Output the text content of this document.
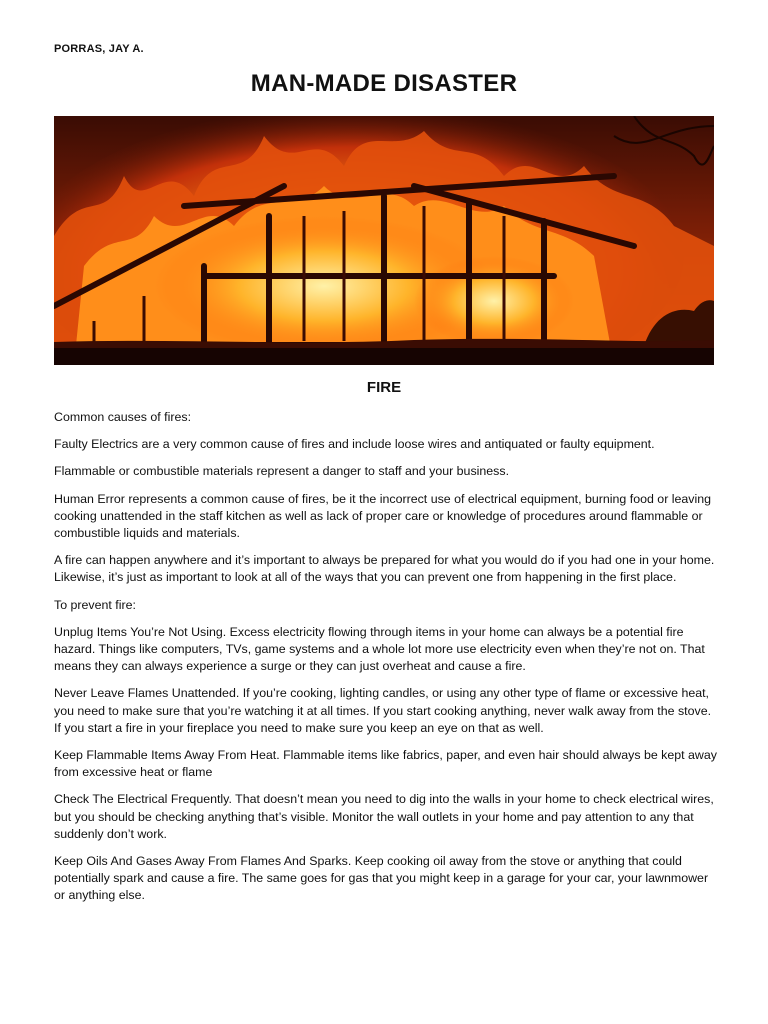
PORRAS, JAY A.
MAN-MADE DISASTER
FIRE

Common causes of fires:

Faulty Electrics are a very common cause of fires and include loose wires and antiquated or faulty equipment.

Flammable or combustible materials represent a danger to staff and your business.

Human Error represents a common cause of fires, be it the incorrect use of electrical equipment, burning food or leaving cooking unattended in the staff kitchen as well as lack of proper care or knowledge of procedures around flammable or combustible liquids and materials.

A fire can happen anywhere and it’s important to always be prepared for what you would do if you had one in your home. Likewise, it’s just as important to look at all of the ways that you can prevent one from happening in the first place.

To prevent fire:

Unplug Items You’re Not Using. Excess electricity flowing through items in your home can always be a potential fire hazard. Things like computers, TVs, game systems and a whole lot more use electricity even when they’re not on. That means they can always experience a surge or they can just overheat and cause a fire.

Never Leave Flames Unattended. If you’re cooking, lighting candles, or using any other type of flame or excessive heat, you need to make sure that you’re watching it at all times. If you start cooking anything, never walk away from the stove. If you start a fire in your fireplace you need to make sure you keep an eye on that as well.

Keep Flammable Items Away From Heat. Flammable items like fabrics, paper, and even hair should always be kept away from excessive heat or flame

Check The Electrical Frequently. That doesn’t mean you need to dig into the walls in your home to check electrical wires, but you should be checking anything that’s visible. Monitor the wall outlets in your home and pay attention to any that suddenly don’t work.

Keep Oils And Gases Away From Flames And Sparks. Keep cooking oil away from the stove or anything that could potentially spark and cause a fire. The same goes for gas that you might keep in a garage for your car, your lawnmower or anything else.
